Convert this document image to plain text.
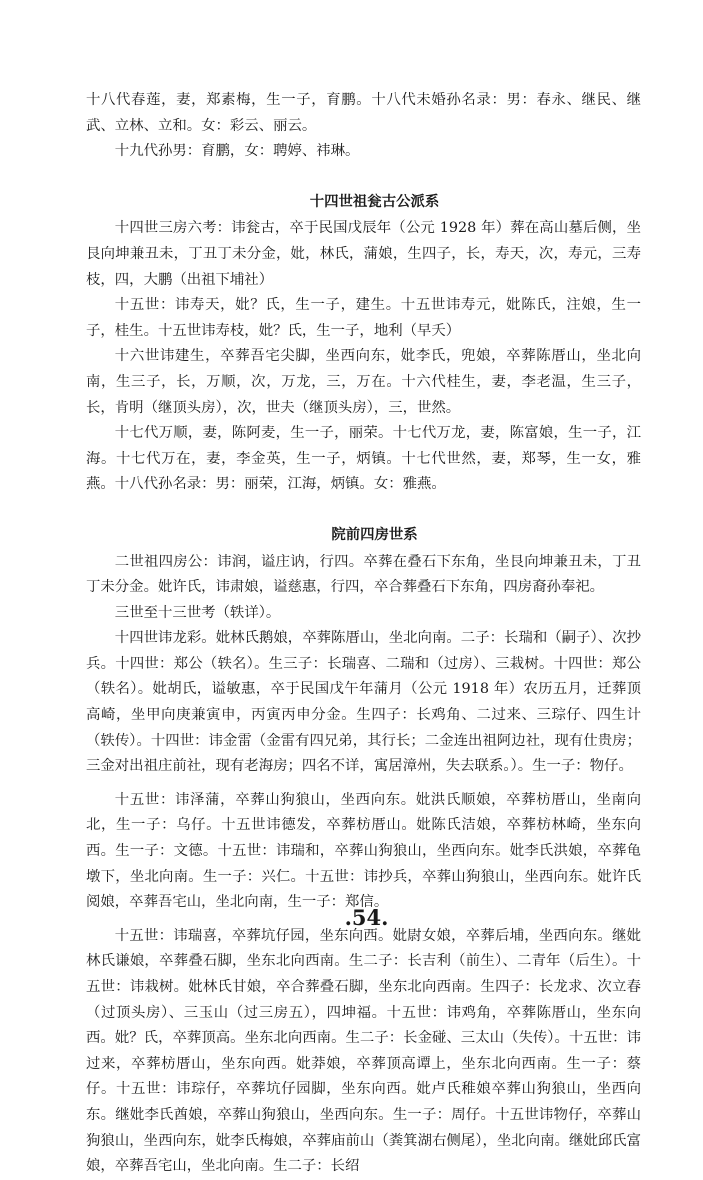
十八代春莲，妻，郑素梅，生一子，育鹏。十八代未婚孙名录：男：春永、继民、继武、立林、立和。女：彩云、丽云。

十九代孙男：育鹏，女：聘婷、祎琳。

十四世祖瓮古公派系

十四世三房六考：讳瓮古，卒于民国戊辰年（公元 1928 年）葬在高山墓后侧，坐艮向坤兼丑未，丁丑丁未分金，妣，林氏，蒲娘，生四子，长，寿天，次，寿元，三寿枝，四，大鹏（出祖下埔社）

十五世：讳寿天，妣？氏，生一子，建生。十五世讳寿元，妣陈氏，注娘，生一子，桂生。十五世讳寿枝，妣？氏，生一子，地利（早夭）

十六世讳建生，卒葬吾宅尖脚，坐西向东，妣李氏，兜娘，卒葬陈厝山，坐北向南，生三子，长，万顺，次，万龙，三，万在。十六代桂生，妻，李老温，生三子，长，肯明（继顶头房），次，世夫（继顶头房），三，世然。

十七代万顺，妻，陈阿麦，生一子，丽荣。十七代万龙，妻，陈富娘，生一子，江海。十七代万在，妻，李金英，生一子，炳镇。十七代世然，妻，郑琴，生一女，雅燕。十八代孙名录：男：丽荣，江海，炳镇。女：雅燕。

院前四房世系

二世祖四房公：讳润，谥庄讷，行四。卒葬在叠石下东角，坐艮向坤兼丑未，丁丑丁未分金。妣许氏，讳肃娘，谥慈惠，行四，卒合葬叠石下东角，四房裔孙奉祀。

三世至十三世考（轶详）。

十四世讳龙彩。妣林氏鹅娘，卒葬陈厝山，坐北向南。二子：长瑞和（嗣子）、次抄兵。十四世：郑公（轶名）。生三子：长瑞喜、二瑞和（过房）、三栽树。十四世：郑公（轶名）。妣胡氏，谥敏惠，卒于民国戊午年蒲月（公元 1918 年）农历五月，迁葬顶高崎，坐甲向庚兼寅申，丙寅丙申分金。生四子：长鸡角、二过来、三琮仔、四生计（轶传）。十四世：讳金雷（金雷有四兄弟，其行长；二金连出祖阿边社，现有仕贵房；三金对出祖庄前社，现有老海房；四名不详，寓居漳州，失去联系。）。生一子：物仔。

十五世：讳泽蒲，卒葬山狗狼山，坐西向东。妣洪氏顺娘，卒葬枋厝山，坐南向北，生一子：乌仔。十五世讳德发，卒葬枋厝山。妣陈氏洁娘，卒葬枋林崎，坐东向西。生一子：文德。十五世：讳瑞和，卒葬山狗狼山，坐西向东。妣李氏洪娘，卒葬龟墩下，坐北向南。生一子：兴仁。十五世：讳抄兵，卒葬山狗狼山，坐西向东。妣许氏阅娘，卒葬吾宅山，坐北向南，生一子：郑信。

十五世：讳瑞喜，卒葬坑仔园，坐东向西。妣尉女娘，卒葬后埔，坐西向东。继妣林氏谦娘，卒葬叠石脚，坐东北向西南。生二子：长吉利（前生）、二青年（后生）。十五世：讳栽树。妣林氏甘娘，卒合葬叠石脚，坐东北向西南。生四子：长龙求、次立春（过顶头房）、三玉山（过三房五），四坤福。十五世：讳鸡角，卒葬陈厝山，坐东向西。妣？氏，卒葬顶高。坐东北向西南。生二子：长金碰、三太山（失传）。十五世：讳过来，卒葬枋厝山，坐东向西。妣莽娘，卒葬顶高谭上，坐东北向西南。生一子：蔡仔。十五世：讳琮仔，卒葬坑仔园脚，坐东向西。妣卢氏稚娘卒葬山狗狼山，坐西向东。继妣李氏酋娘，卒葬山狗狼山，坐西向东。生一子：周仔。十五世讳物仔，卒葬山狗狼山，坐西向东，妣李氏梅娘，卒葬庙前山（粪箕湖右侧尾），坐北向南。继妣邱氏富娘，卒葬吾宅山，坐北向南。生二子：长绍

.54.
